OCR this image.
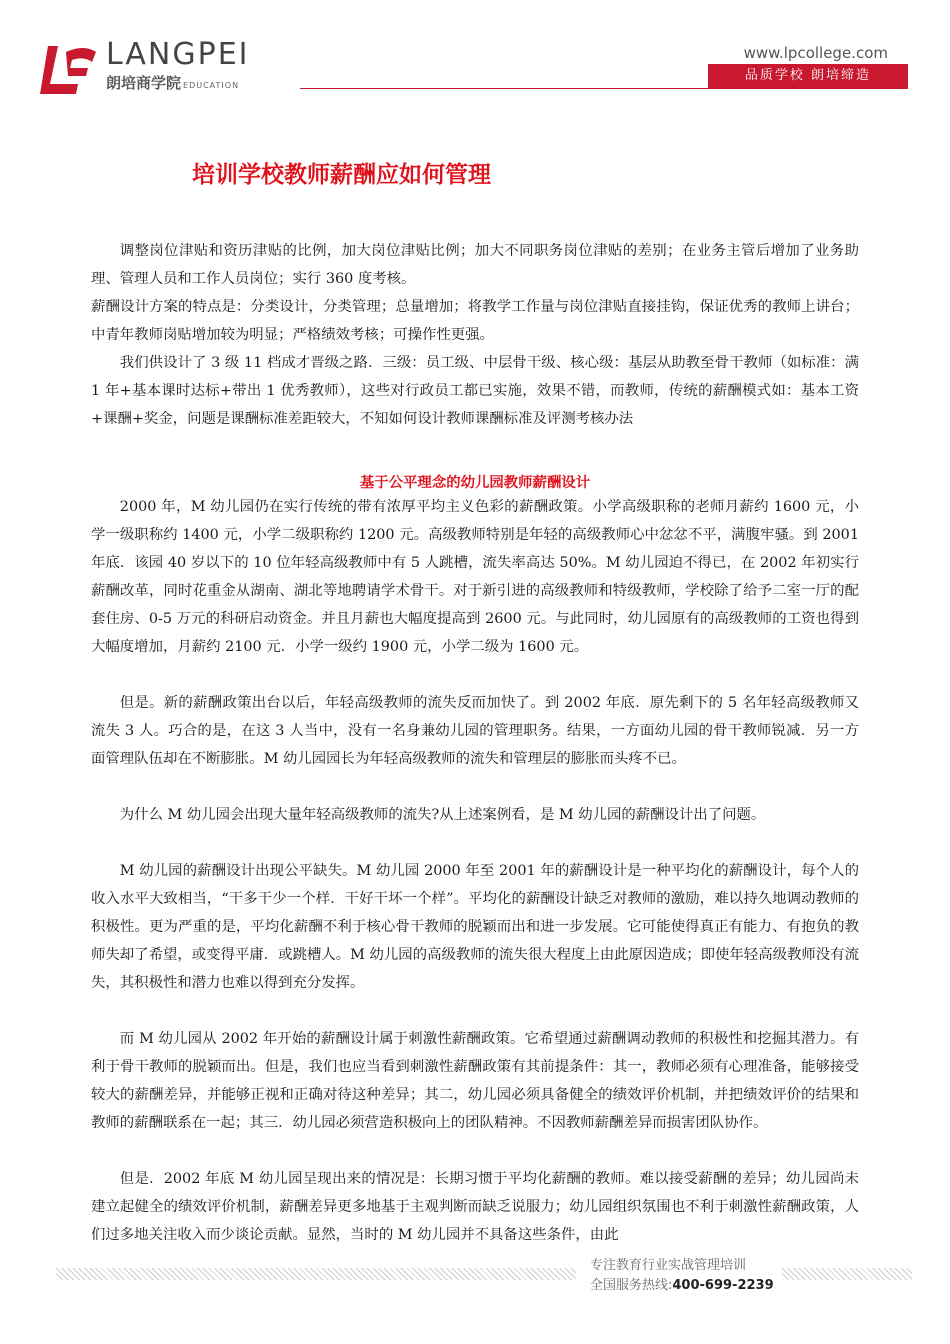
LANGPEI
朗培商学院 EDUCATION
www.lpcollege.com
品质学校 朗培缔造
培训学校教师薪酬应如何管理

调整岗位津贴和资历津贴的比例，加大岗位津贴比例；加大不同职务岗位津贴的差别；在业务主管后增加了业务助理、管理人员和工作人员岗位；实行 360 度考核。

薪酬设计方案的特点是：分类设计，分类管理；总量增加；将教学工作量与岗位津贴直接挂钩，保证优秀的教师上讲台；中青年教师岗贴增加较为明显；严格绩效考核；可操作性更强。

我们供设计了 3 级 11 档成才晋级之路．三级：员工级、中层骨干级、核心级：基层从助教至骨干教师（如标准：满 1 年+基本课时达标+带出 1 优秀教师），这些对行政员工都已实施，效果不错，而教师，传统的薪酬模式如：基本工资+课酬+奖金，问题是课酬标准差距较大，不知如何设计教师课酬标准及评测考核办法

基于公平理念的幼儿园教师薪酬设计

2000 年，M 幼儿园仍在实行传统的带有浓厚平均主义色彩的薪酬政策。小学高级职称的老师月薪约 1600 元，小学一级职称约 1400 元，小学二级职称约 1200 元。高级教师特别是年轻的高级教师心中忿忿不平，满腹牢骚。到 2001 年底．该园 40 岁以下的 10 位年轻高级教师中有 5 人跳槽，流失率高达 50%。M 幼儿园迫不得已，在 2002 年初实行薪酬改革，同时花重金从湖南、湖北等地聘请学术骨干。对于新引进的高级教师和特级教师，学校除了给予二室一厅的配套住房、0-5 万元的科研启动资金。并且月薪也大幅度提高到 2600 元。与此同时，幼儿园原有的高级教师的工资也得到大幅度增加，月薪约 2100 元．小学一级约 1900 元，小学二级为 1600 元。

但是。新的薪酬政策出台以后，年轻高级教师的流失反而加快了。到 2002 年底．原先剩下的 5 名年轻高级教师又流失 3 人。巧合的是，在这 3 人当中，没有一名身兼幼儿园的管理职务。结果，一方面幼儿园的骨干教师锐减．另一方面管理队伍却在不断膨胀。M 幼儿园园长为年轻高级教师的流失和管理层的膨胀而头疼不已。

为什么 M 幼儿园会出现大量年轻高级教师的流失?从上述案例看，是 M 幼儿园的薪酬设计出了问题。

M 幼儿园的薪酬设计出现公平缺失。M 幼儿园 2000 年至 2001 年的薪酬设计是一种平均化的薪酬设计，每个人的收入水平大致相当，“干多干少一个样．干好干坏一个样”。平均化的薪酬设计缺乏对教师的激励，难以持久地调动教师的积极性。更为严重的是，平均化薪酬不利于核心骨干教师的脱颖而出和进一步发展。它可能使得真正有能力、有抱负的教师失却了希望，或变得平庸．或跳槽人。M 幼儿园的高级教师的流失很大程度上由此原因造成；即使年轻高级教师没有流失，其积极性和潜力也难以得到充分发挥。

而 M 幼儿园从 2002 年开始的薪酬设计属于刺激性薪酬政策。它希望通过薪酬调动教师的积极性和挖掘其潜力。有利于骨干教师的脱颖而出。但是，我们也应当看到刺激性薪酬政策有其前提条件：其一，教师必须有心理准备，能够接受较大的薪酬差异，并能够正视和正确对待这种差异；其二，幼儿园必须具备健全的绩效评价机制，并把绩效评价的结果和教师的薪酬联系在一起；其三．幼儿园必须营造积极向上的团队精神。不因教师薪酬差异而损害团队协作。

但是．2002 年底 M 幼儿园呈现出来的情况是：长期习惯于平均化薪酬的教师。难以接受薪酬的差异；幼儿园尚未建立起健全的绩效评价机制，薪酬差异更多地基于主观判断而缺乏说服力；幼儿园组织氛围也不利于刺激性薪酬政策，人们过多地关注收入而少谈论贡献。显然，当时的 M 幼儿园并不具备这些条件，由此

专注教育行业实战管理培训
全国服务热线:400-699-2239
